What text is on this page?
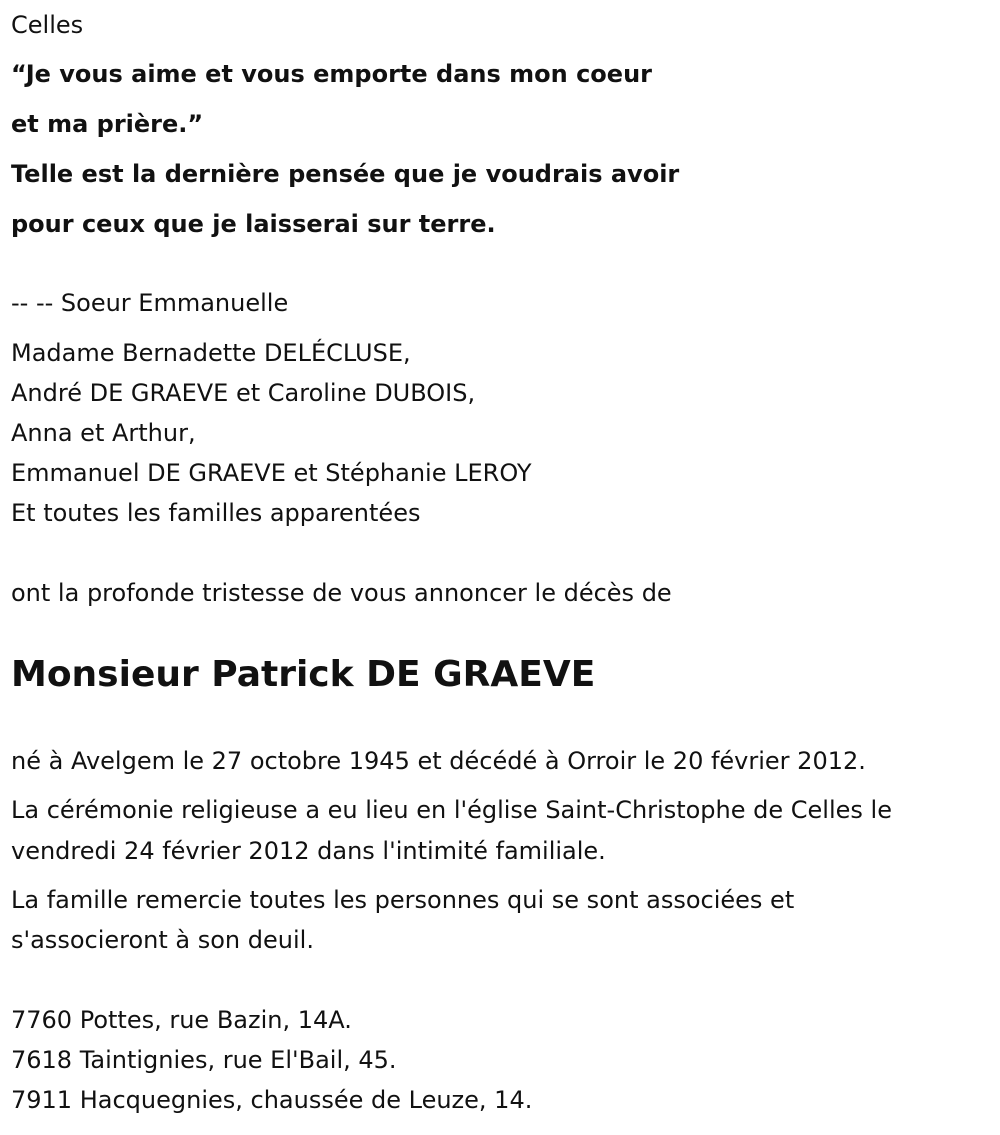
Celles
“Je vous aime et vous emporte dans mon coeur
et ma prière.”
Telle est la dernière pensée que je voudrais avoir
pour ceux que je laisserai sur terre.
-- -- Soeur Emmanuelle
Madame Bernadette DELÉCLUSE,
André DE GRAEVE et Caroline DUBOIS,
Anna et Arthur,
Emmanuel DE GRAEVE et Stéphanie LEROY
Et toutes les familles apparentées
ont la profonde tristesse de vous annoncer le décès de
Monsieur Patrick DE GRAEVE
né à Avelgem le 27 octobre 1945 et décédé à Orroir le 20 février 2012.
La cérémonie religieuse a eu lieu en l'église Saint-Christophe de Celles le
vendredi 24 février 2012 dans l'intimité familiale.
La famille remercie toutes les personnes qui se sont associées et
s'associeront à son deuil.
7760 Pottes, rue Bazin, 14A.
7618 Taintignies, rue El'Bail, 45.
7911 Hacquegnies, chaussée de Leuze, 14.
